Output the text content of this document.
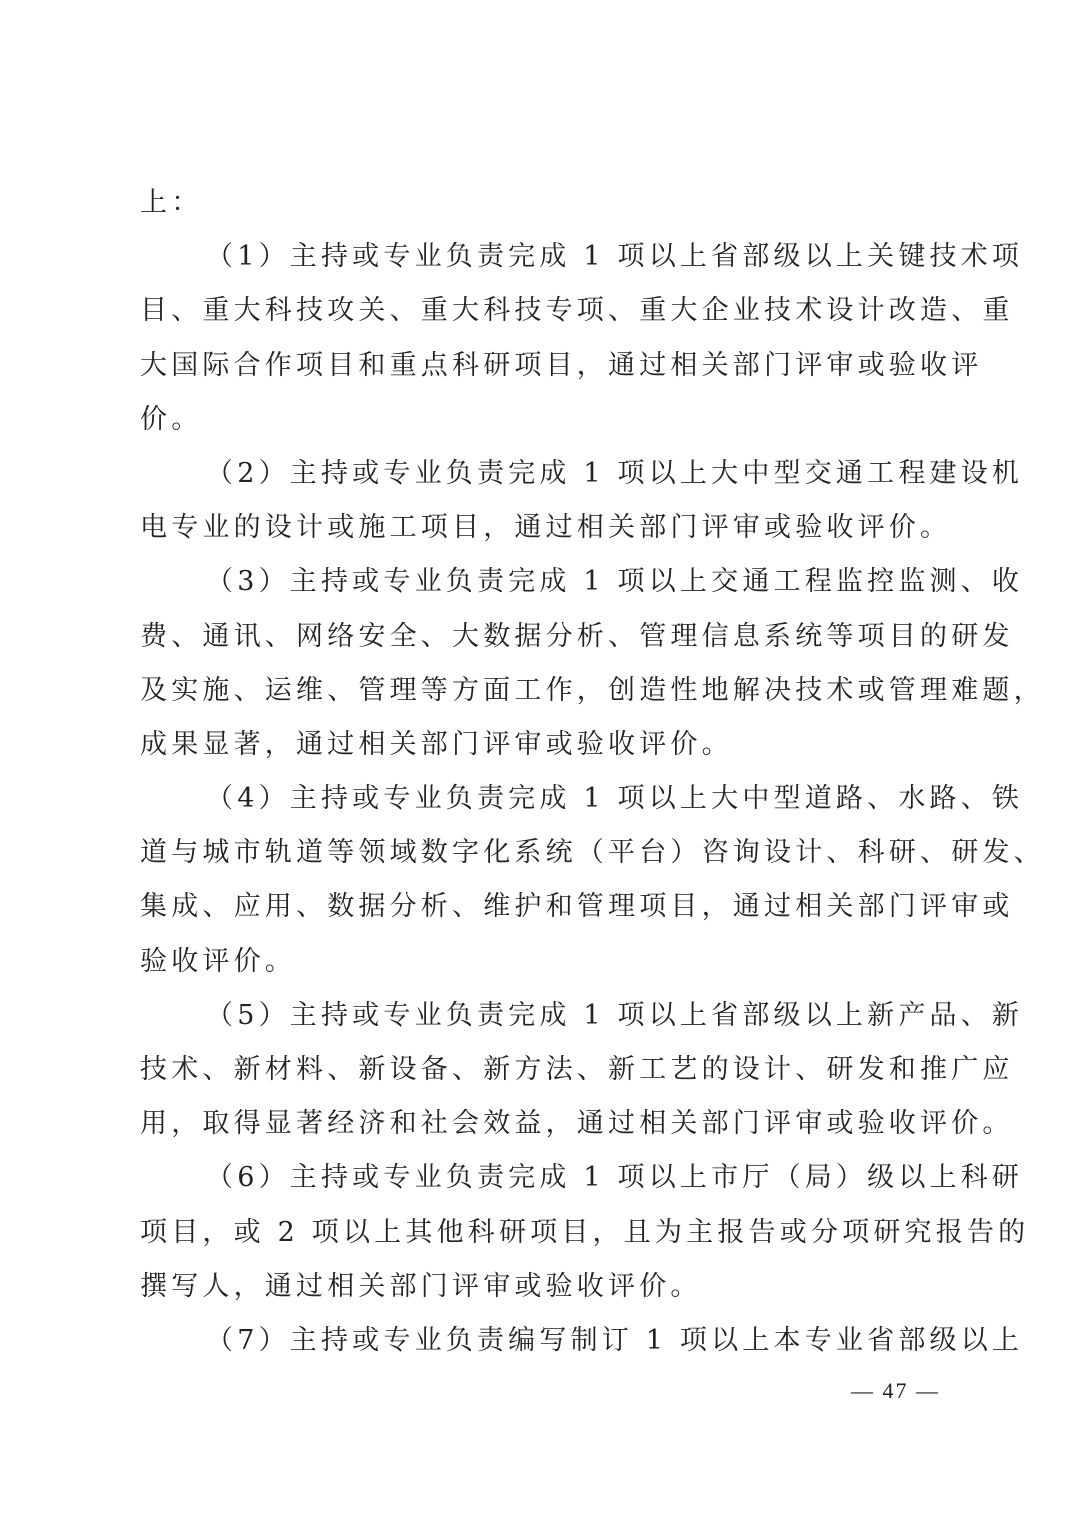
上：
（1）主持或专业负责完成 1 项以上省部级以上关键技术项
目、重大科技攻关、重大科技专项、重大企业技术设计改造、重
大国际合作项目和重点科研项目，通过相关部门评审或验收评
价。
（2）主持或专业负责完成 1 项以上大中型交通工程建设机
电专业的设计或施工项目，通过相关部门评审或验收评价。
（3）主持或专业负责完成 1 项以上交通工程监控监测、收
费、通讯、网络安全、大数据分析、管理信息系统等项目的研发
及实施、运维、管理等方面工作，创造性地解决技术或管理难题，
成果显著，通过相关部门评审或验收评价。
（4）主持或专业负责完成 1 项以上大中型道路、水路、铁
道与城市轨道等领域数字化系统（平台）咨询设计、科研、研发、
集成、应用、数据分析、维护和管理项目，通过相关部门评审或
验收评价。
（5）主持或专业负责完成 1 项以上省部级以上新产品、新
技术、新材料、新设备、新方法、新工艺的设计、研发和推广应
用，取得显著经济和社会效益，通过相关部门评审或验收评价。
（6）主持或专业负责完成 1 项以上市厅（局）级以上科研
项目，或 2 项以上其他科研项目，且为主报告或分项研究报告的
撰写人，通过相关部门评审或验收评价。
（7）主持或专业负责编写制订 1 项以上本专业省部级以上
— 47 —
